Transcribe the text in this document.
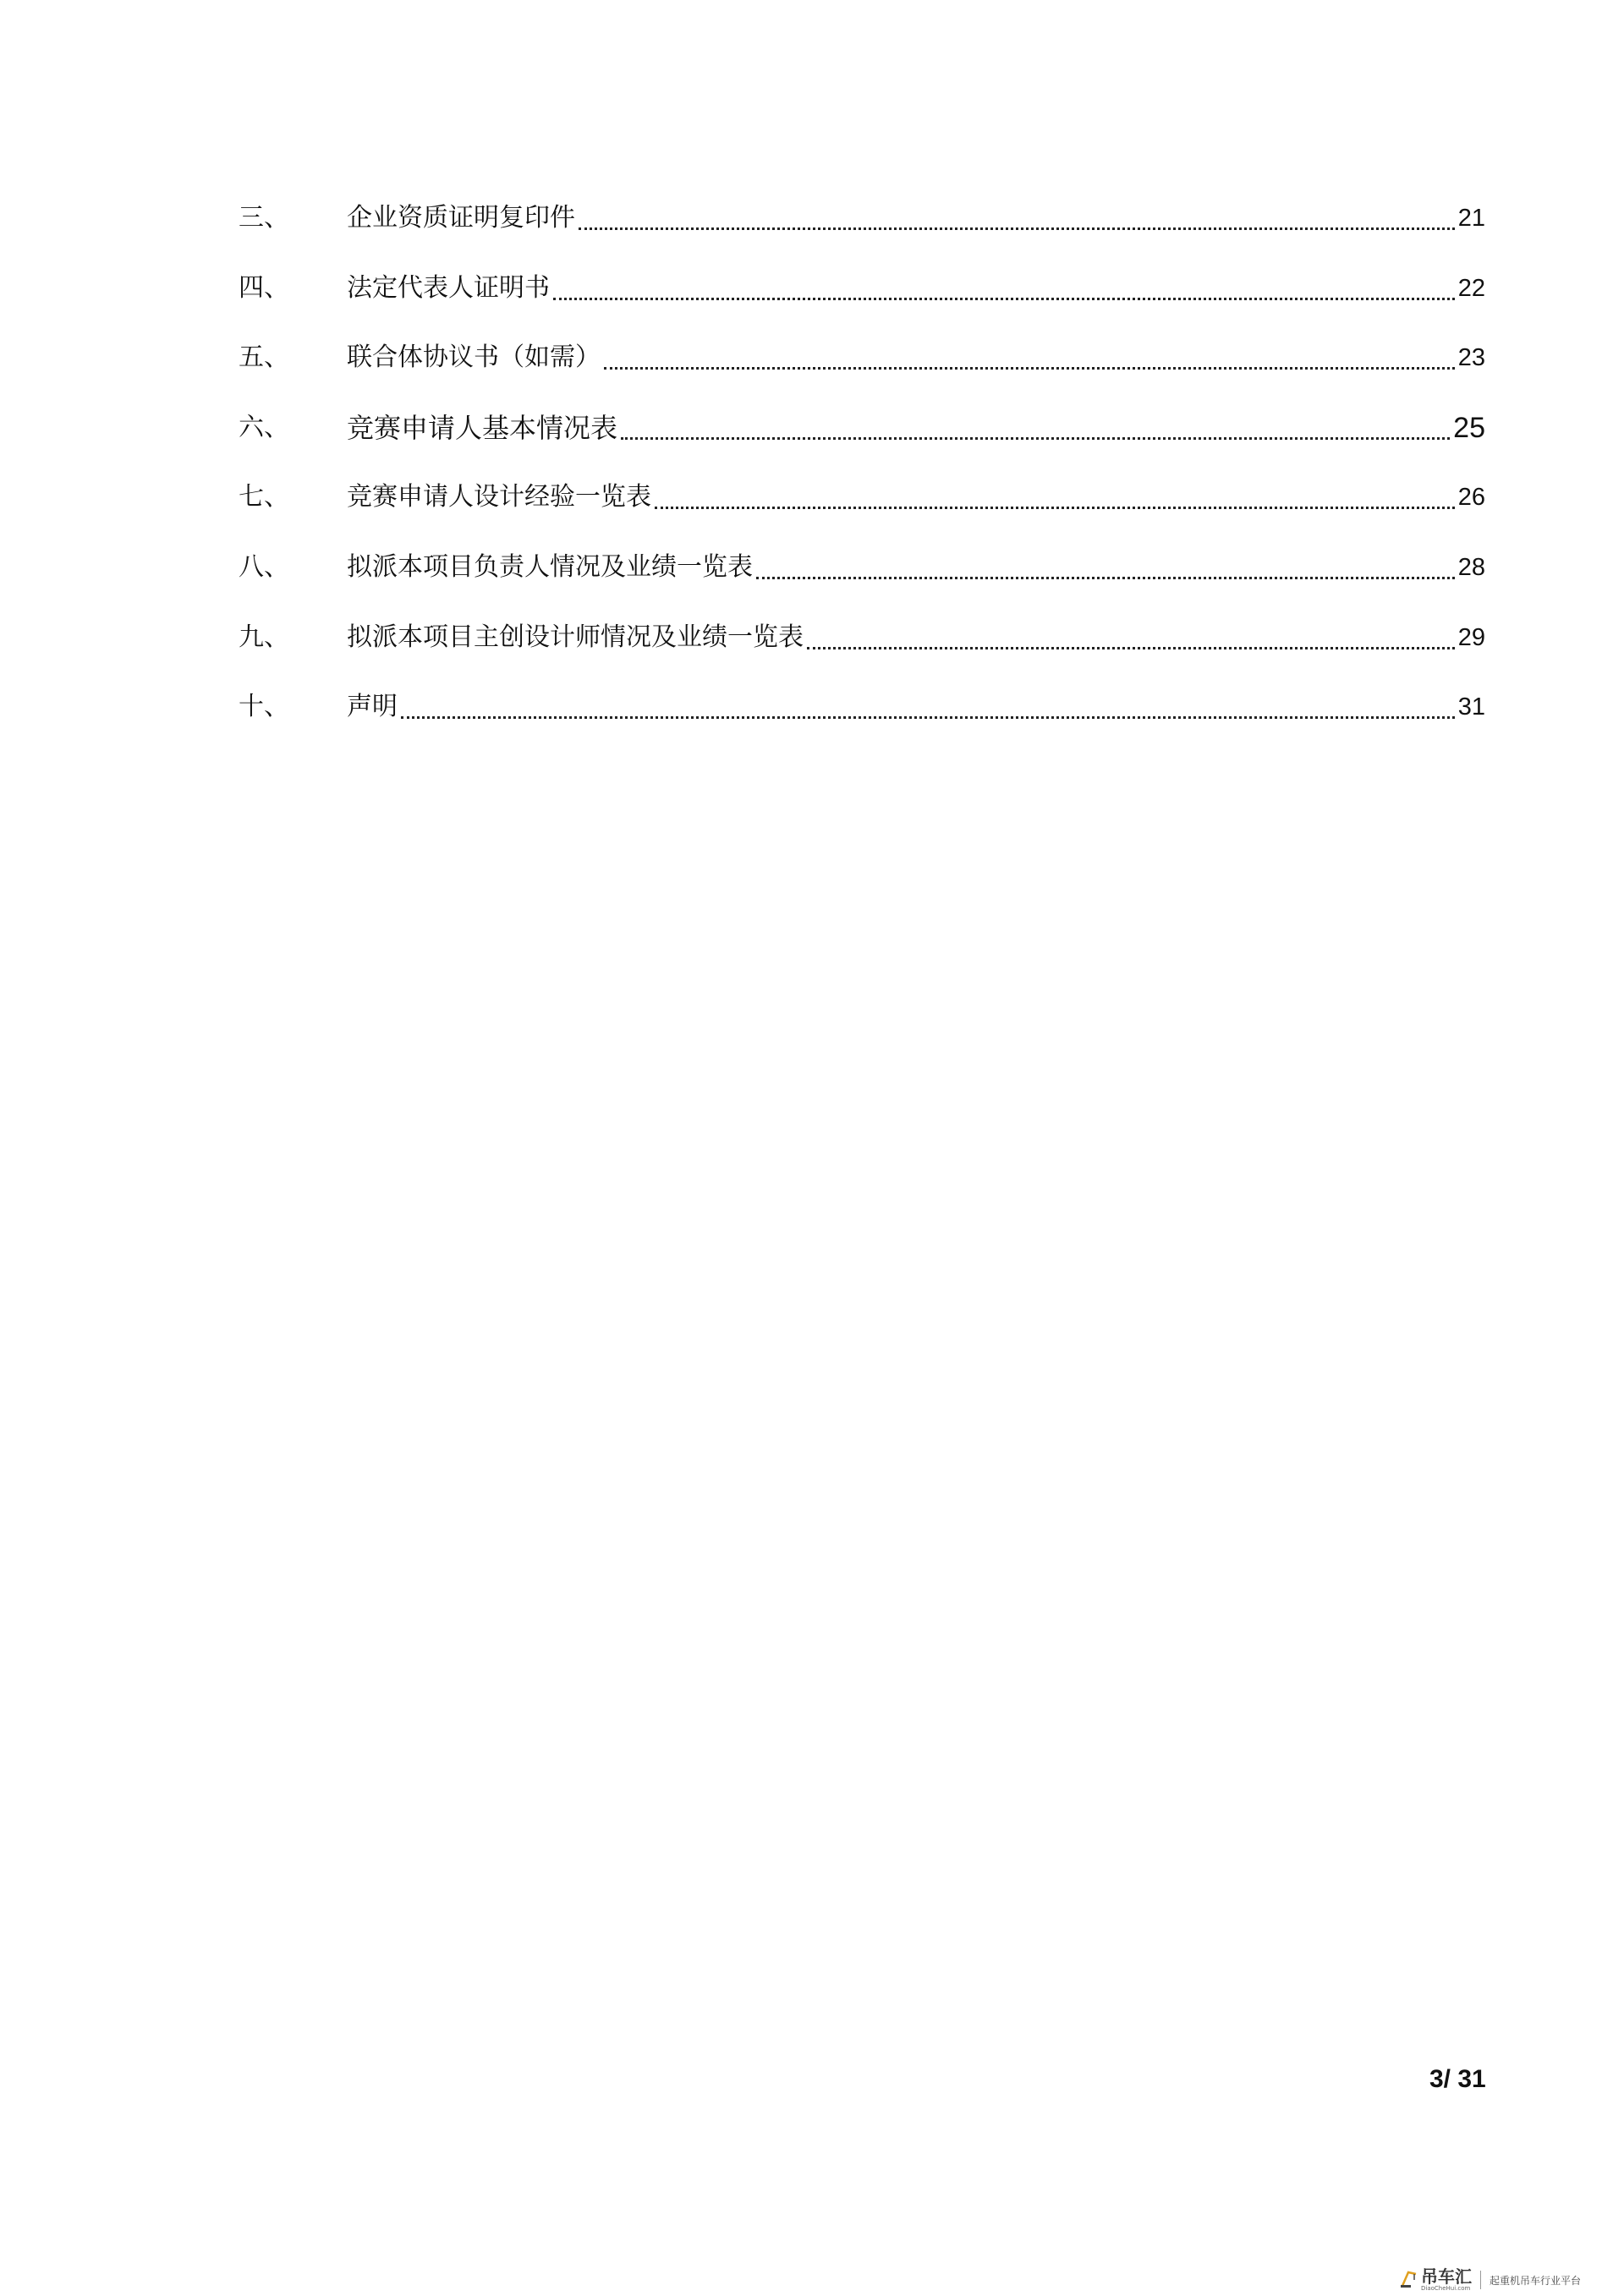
三、	企业资质证明复印件	21
四、	法定代表人证明书	22
五、	联合体协议书（如需）	23
六、	竞赛申请人基本情况表	25
七、	竞赛申请人设计经验一览表	26
八、	拟派本项目负责人情况及业绩一览表	28
九、	拟派本项目主创设计师情况及业绩一览表	29
十、	声明	31
3/ 31
吊车汇
DiaoCheHui.com
起重机吊车行业平台
